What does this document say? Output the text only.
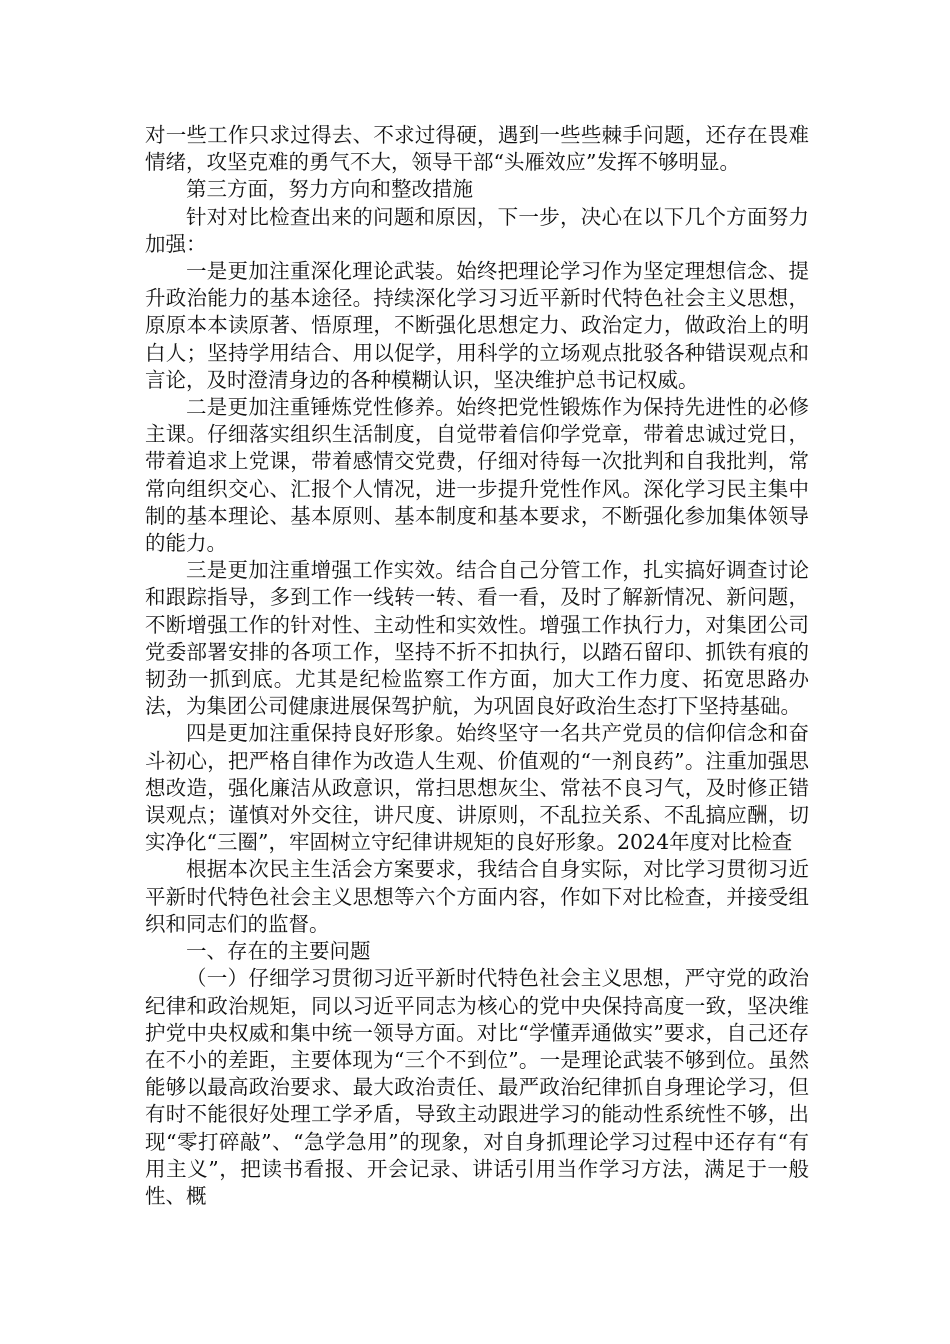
对一些工作只求过得去、不求过得硬，遇到一些些棘手问题，还存在畏难情绪，攻坚克难的勇气不大，领导干部“头雁效应”发挥不够明显。

第三方面，努力方向和整改措施

针对对比检查出来的问题和原因，下一步，决心在以下几个方面努力加强：

一是更加注重深化理论武装。始终把理论学习作为坚定理想信念、提升政治能力的基本途径。持续深化学习习近平新时代特色社会主义思想，原原本本读原著、悟原理，不断强化思想定力、政治定力，做政治上的明白人；坚持学用结合、用以促学，用科学的立场观点批驳各种错误观点和言论，及时澄清身边的各种模糊认识，坚决维护总书记权威。

二是更加注重锤炼党性修养。始终把党性锻炼作为保持先进性的必修主课。仔细落实组织生活制度，自觉带着信仰学党章，带着忠诚过党日，带着追求上党课，带着感情交党费，仔细对待每一次批判和自我批判，常常向组织交心、汇报个人情况，进一步提升党性作风。深化学习民主集中制的基本理论、基本原则、基本制度和基本要求，不断强化参加集体领导的能力。

三是更加注重增强工作实效。结合自己分管工作，扎实搞好调查讨论和跟踪指导，多到工作一线转一转、看一看，及时了解新情况、新问题，不断增强工作的针对性、主动性和实效性。增强工作执行力，对集团公司党委部署安排的各项工作，坚持不折不扣执行，以踏石留印、抓铁有痕的韧劲一抓到底。尤其是纪检监察工作方面，加大工作力度、拓宽思路办法，为集团公司健康进展保驾护航，为巩固良好政治生态打下坚持基础。

四是更加注重保持良好形象。始终坚守一名共产党员的信仰信念和奋斗初心，把严格自律作为改造人生观、价值观的“一剂良药”。注重加强思想改造，强化廉洁从政意识，常扫思想灰尘、常祛不良习气，及时修正错误观点；谨慎对外交往，讲尺度、讲原则，不乱拉关系、不乱搞应酬，切实净化“三圈”，牢固树立守纪律讲规矩的良好形象。2024年度对比检查

根据本次民主生活会方案要求，我结合自身实际，对比学习贯彻习近平新时代特色社会主义思想等六个方面内容，作如下对比检查，并接受组织和同志们的监督。

一、存在的主要问题

（一）仔细学习贯彻习近平新时代特色社会主义思想，严守党的政治纪律和政治规矩，同以习近平同志为核心的党中央保持高度一致，坚决维护党中央权威和集中统一领导方面。对比“学懂弄通做实”要求，自己还存在不小的差距，主要体现为“三个不到位”。一是理论武装不够到位。虽然能够以最高政治要求、最大政治责任、最严政治纪律抓自身理论学习，但有时不能很好处理工学矛盾，导致主动跟进学习的能动性系统性不够，出现“零打碎敲”、“急学急用”的现象，对自身抓理论学习过程中还存有“有用主义”，把读书看报、开会记录、讲话引用当作学习方法，满足于一般性、概
